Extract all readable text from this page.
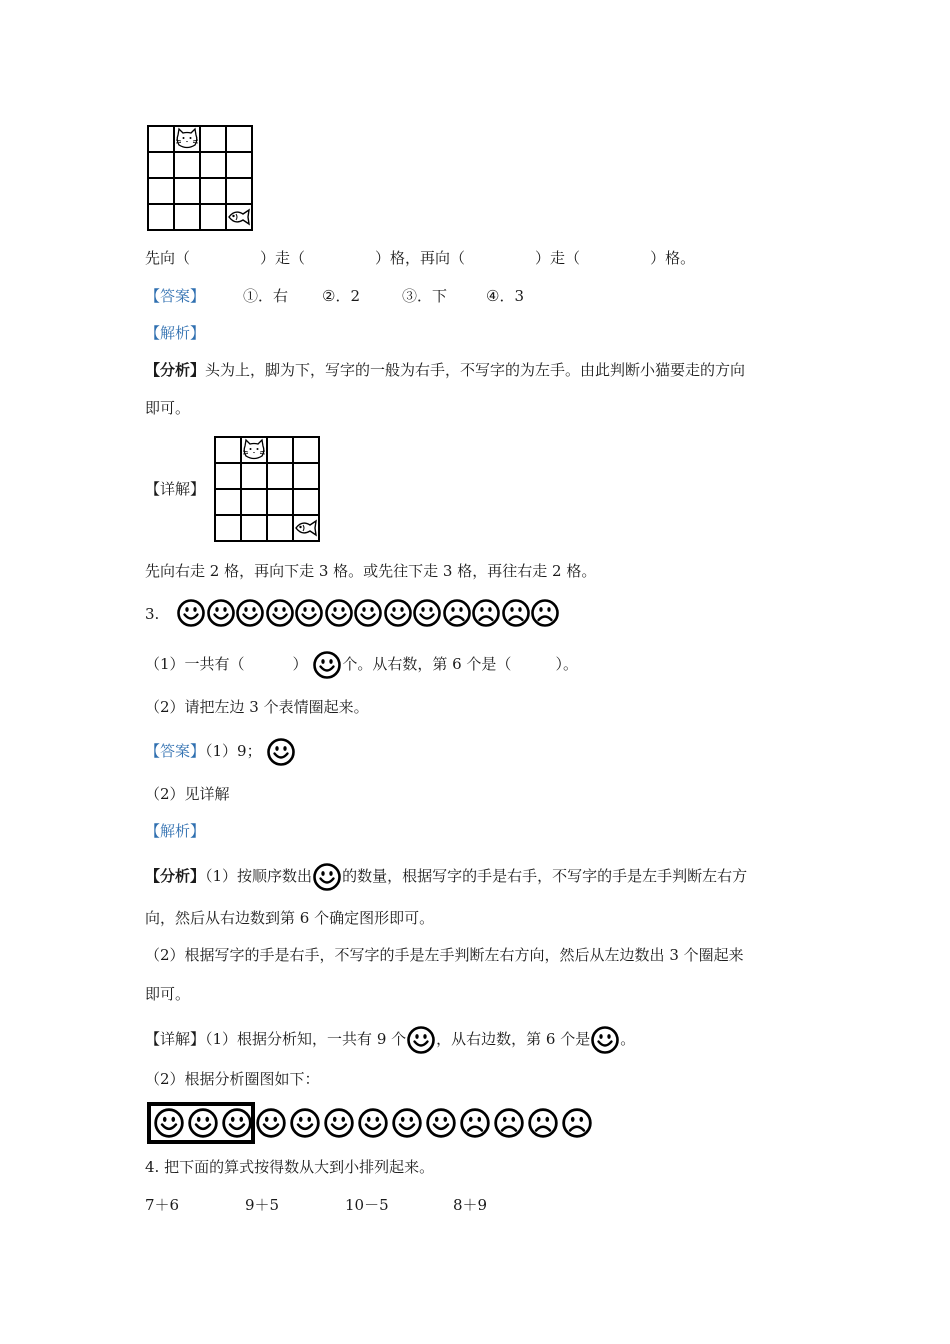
先向（	）走（	）格，再向（	）走（	）格。
【答案】	①．右 ②．2	③．下	④．3
【解析】
【分析】头为上，脚为下，写字的一般为右手，不写字的为左手。由此判断小猫要走的方向
即可。
【详解】
先向右走 2 格，再向下走 3 格。或先往下走 3 格，再往右走 2 格。
3.
（1）一共有（	） 个。从右数，第 6 个是（	）。
（2）请把左边 3 个表情圈起来。
【答案】（1）9；
（2）见详解
【解析】
【分析】（1）按顺序数出 的数量，根据写字的手是右手，不写字的手是左手判断左右方
向，然后从右边数到第 6 个确定图形即可。
（2）根据写字的手是右手，不写字的手是左手判断左右方向，然后从左边数出 3 个圈起来
即可。
【详解】（1）根据分析知，一共有 9 个 ，从右边数，第 6 个是 。
（2）根据分析圈图如下：
4. 把下面的算式按得数从大到小排列起来。
7＋6	9＋5	10－5	8＋9
